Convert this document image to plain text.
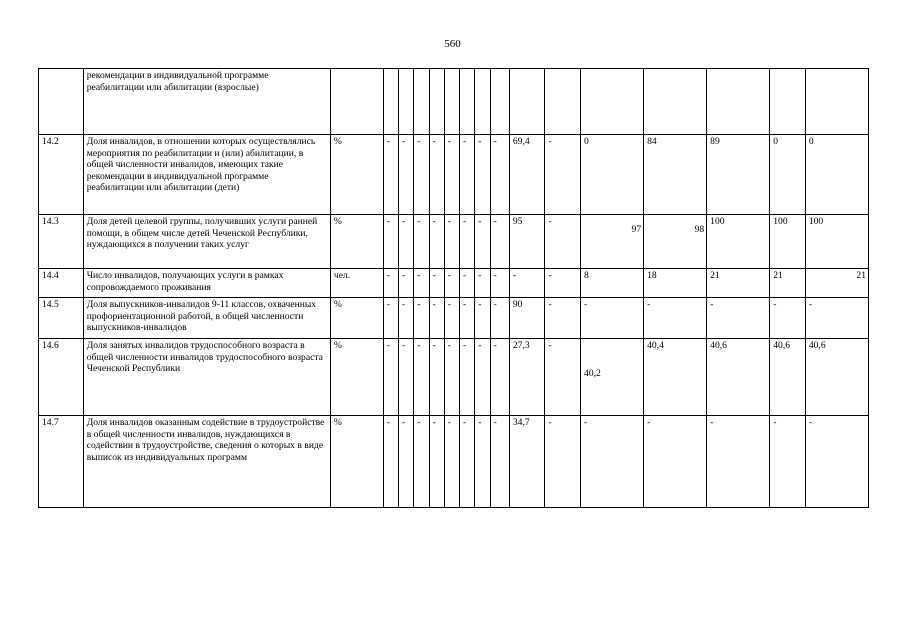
560
	рекомендации в индивидуальной программе реабилитации или абилитации (взрослые)																
14.2	Доля инвалидов, в отношении которых осуществлялись мероприятия по реабилитации и (или) абилитации, в общей численности инвалидов, имеющих такие рекомендации в индивидуальной программе реабилитации или абилитации (дети)	%	-	-	-	-	-	-	-	-	69,4	-	0	84	89	0	0
14.3	Доля детей целевой группы, получивших услуги ранней помощи, в общем числе детей Чеченской Республики, нуждающихся в получении таких услуг	%	-	-	-	-	-	-	-	-	95	-	97	98	100	100	100
14.4	Число инвалидов, получающих услуги в рамках сопровождаемого проживания	чел.	-	-	-	-	-	-	-	-	-	-	8	18	21	21	21
14.5	Доля выпускников-инвалидов 9-11 классов, охваченных профориентационной работой, в общей численности выпускников-инвалидов	%	-	-	-	-	-	-	-	-	90	-	-	-	-	-	-
14.6	Доля занятых инвалидов трудоспособного возраста в общей численности инвалидов трудоспособного возраста Чеченской Республики	%	-	-	-	-	-	-	-	-	27,3	-	40,2	40,4	40,6	40,6	40,6
14.7	Доля инвалидов оказанным содействие в трудоустройстве в общей численности инвалидов, нуждающихся в содействии в трудоустройстве, сведения о которых в виде выписок из индивидуальных программ	%	-	-	-	-	-	-	-	-	34,7	-	-	-	-	-	-
